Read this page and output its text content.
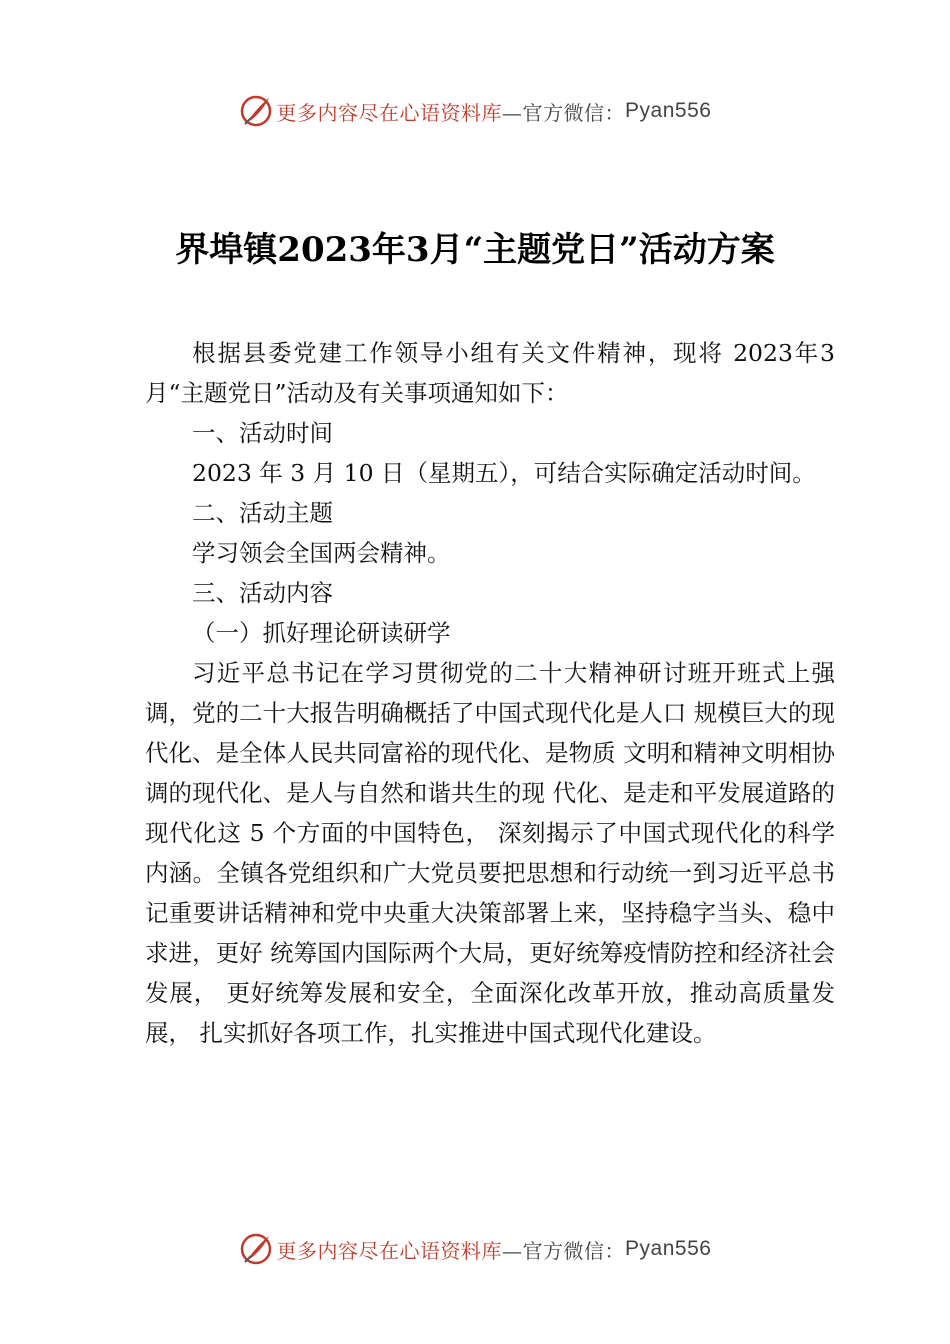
更多内容尽在心语资料库 —官方微信： Pyan556
界埠镇2023年3月“主题党日”活动方案

根据县委党建工作领导小组有关文件精神，现将 2023年3月“主题党日”活动及有关事项通知如下：

一、活动时间

2023 年 3 月 10 日（星期五），可结合实际确定活动时间。

二、活动主题

学习领会全国两会精神。

三、活动内容

（一）抓好理论研读研学

习近平总书记在学习贯彻党的二十大精神研讨班开班式上强调，党的二十大报告明确概括了中国式现代化是人口 规模巨大的现代化、是全体人民共同富裕的现代化、是物质 文明和精神文明相协调的现代化、是人与自然和谐共生的现 代化、是走和平发展道路的现代化这 5 个方面的中国特色， 深刻揭示了中国式现代化的科学内涵。全镇各党组织和广大党员要把思想和行动统一到习近平总书记重要讲话精神和党中央重大决策部署上来，坚持稳字当头、稳中求进，更好 统筹国内国际两个大局，更好统筹疫情防控和经济社会发展， 更好统筹发展和安全，全面深化改革开放，推动高质量发展， 扎实抓好各项工作，扎实推进中国式现代化建设。

更多内容尽在心语资料库 —官方微信： Pyan556
